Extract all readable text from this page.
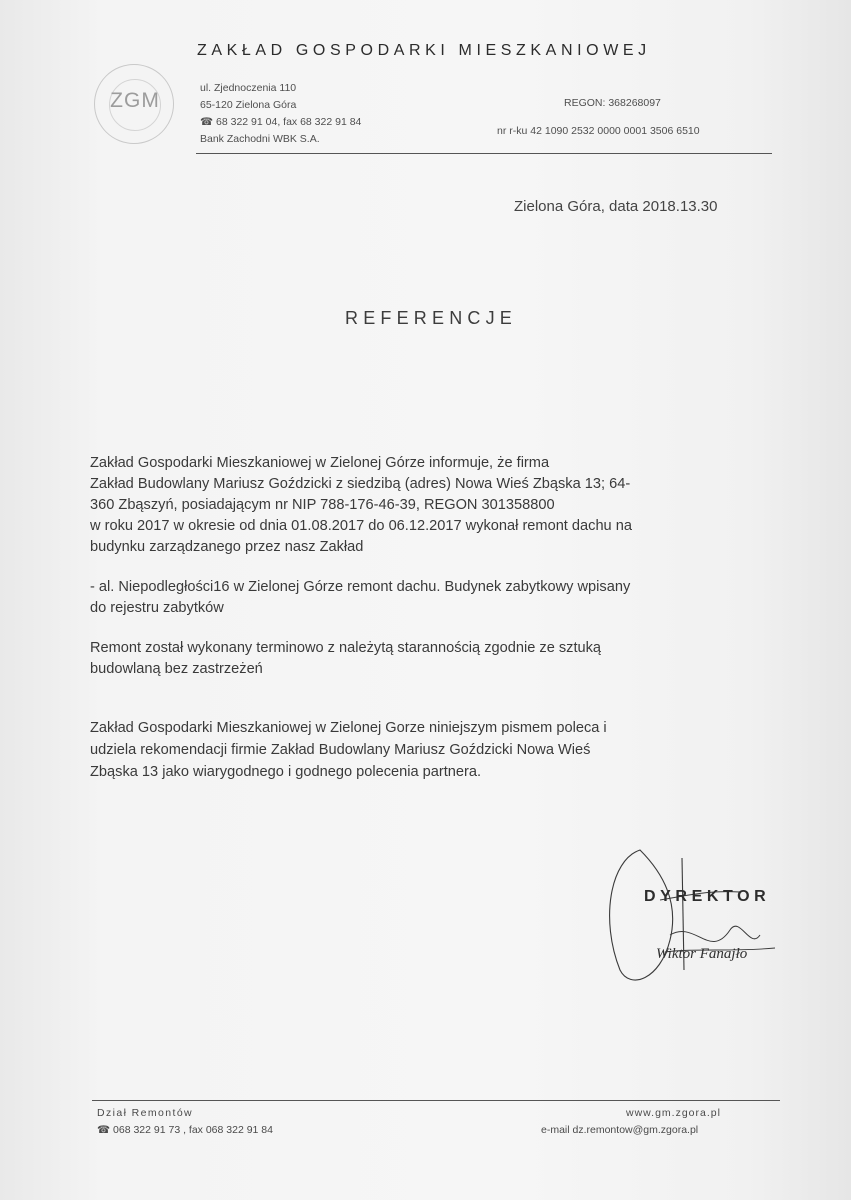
ZGM
ZAKŁAD GOSPODARKI MIESZKANIOWEJ
ul. Zjednoczenia 110
65-120 Zielona Góra
☎ 68 322 91 04, fax 68 322 91 84
Bank Zachodni WBK S.A.
REGON: 368268097
nr r-ku 42 1090 2532 0000 0001 3506 6510
Zielona Góra, data 2018.13.30
REFERENCJE
Zakład Gospodarki Mieszkaniowej w Zielonej Górze informuje, że firma
Zakład Budowlany Mariusz Goździcki z siedzibą (adres) Nowa Wieś Zbąska 13; 64-
360 Zbąszyń, posiadającym nr NIP 788-176-46-39, REGON 301358800
w roku 2017 w okresie od dnia 01.08.2017 do 06.12.2017 wykonał remont dachu na
budynku zarządzanego przez nasz Zakład
- al. Niepodległości16 w Zielonej Górze remont dachu. Budynek zabytkowy wpisany
do rejestru zabytków
Remont został wykonany terminowo z należytą starannością zgodnie ze sztuką
budowlaną bez zastrzeżeń
Zakład Gospodarki Mieszkaniowej w Zielonej Gorze niniejszym pismem poleca i
udziela rekomendacji firmie Zakład Budowlany Mariusz Goździcki Nowa Wieś
Zbąska 13 jako wiarygodnego i godnego polecenia partnera.
DYREKTOR
Wiktor Fanajło
Dział Remontów
☎ 068 322 91 73 , fax 068 322 91 84
www.gm.zgora.pl
e-mail dz.remontow@gm.zgora.pl
